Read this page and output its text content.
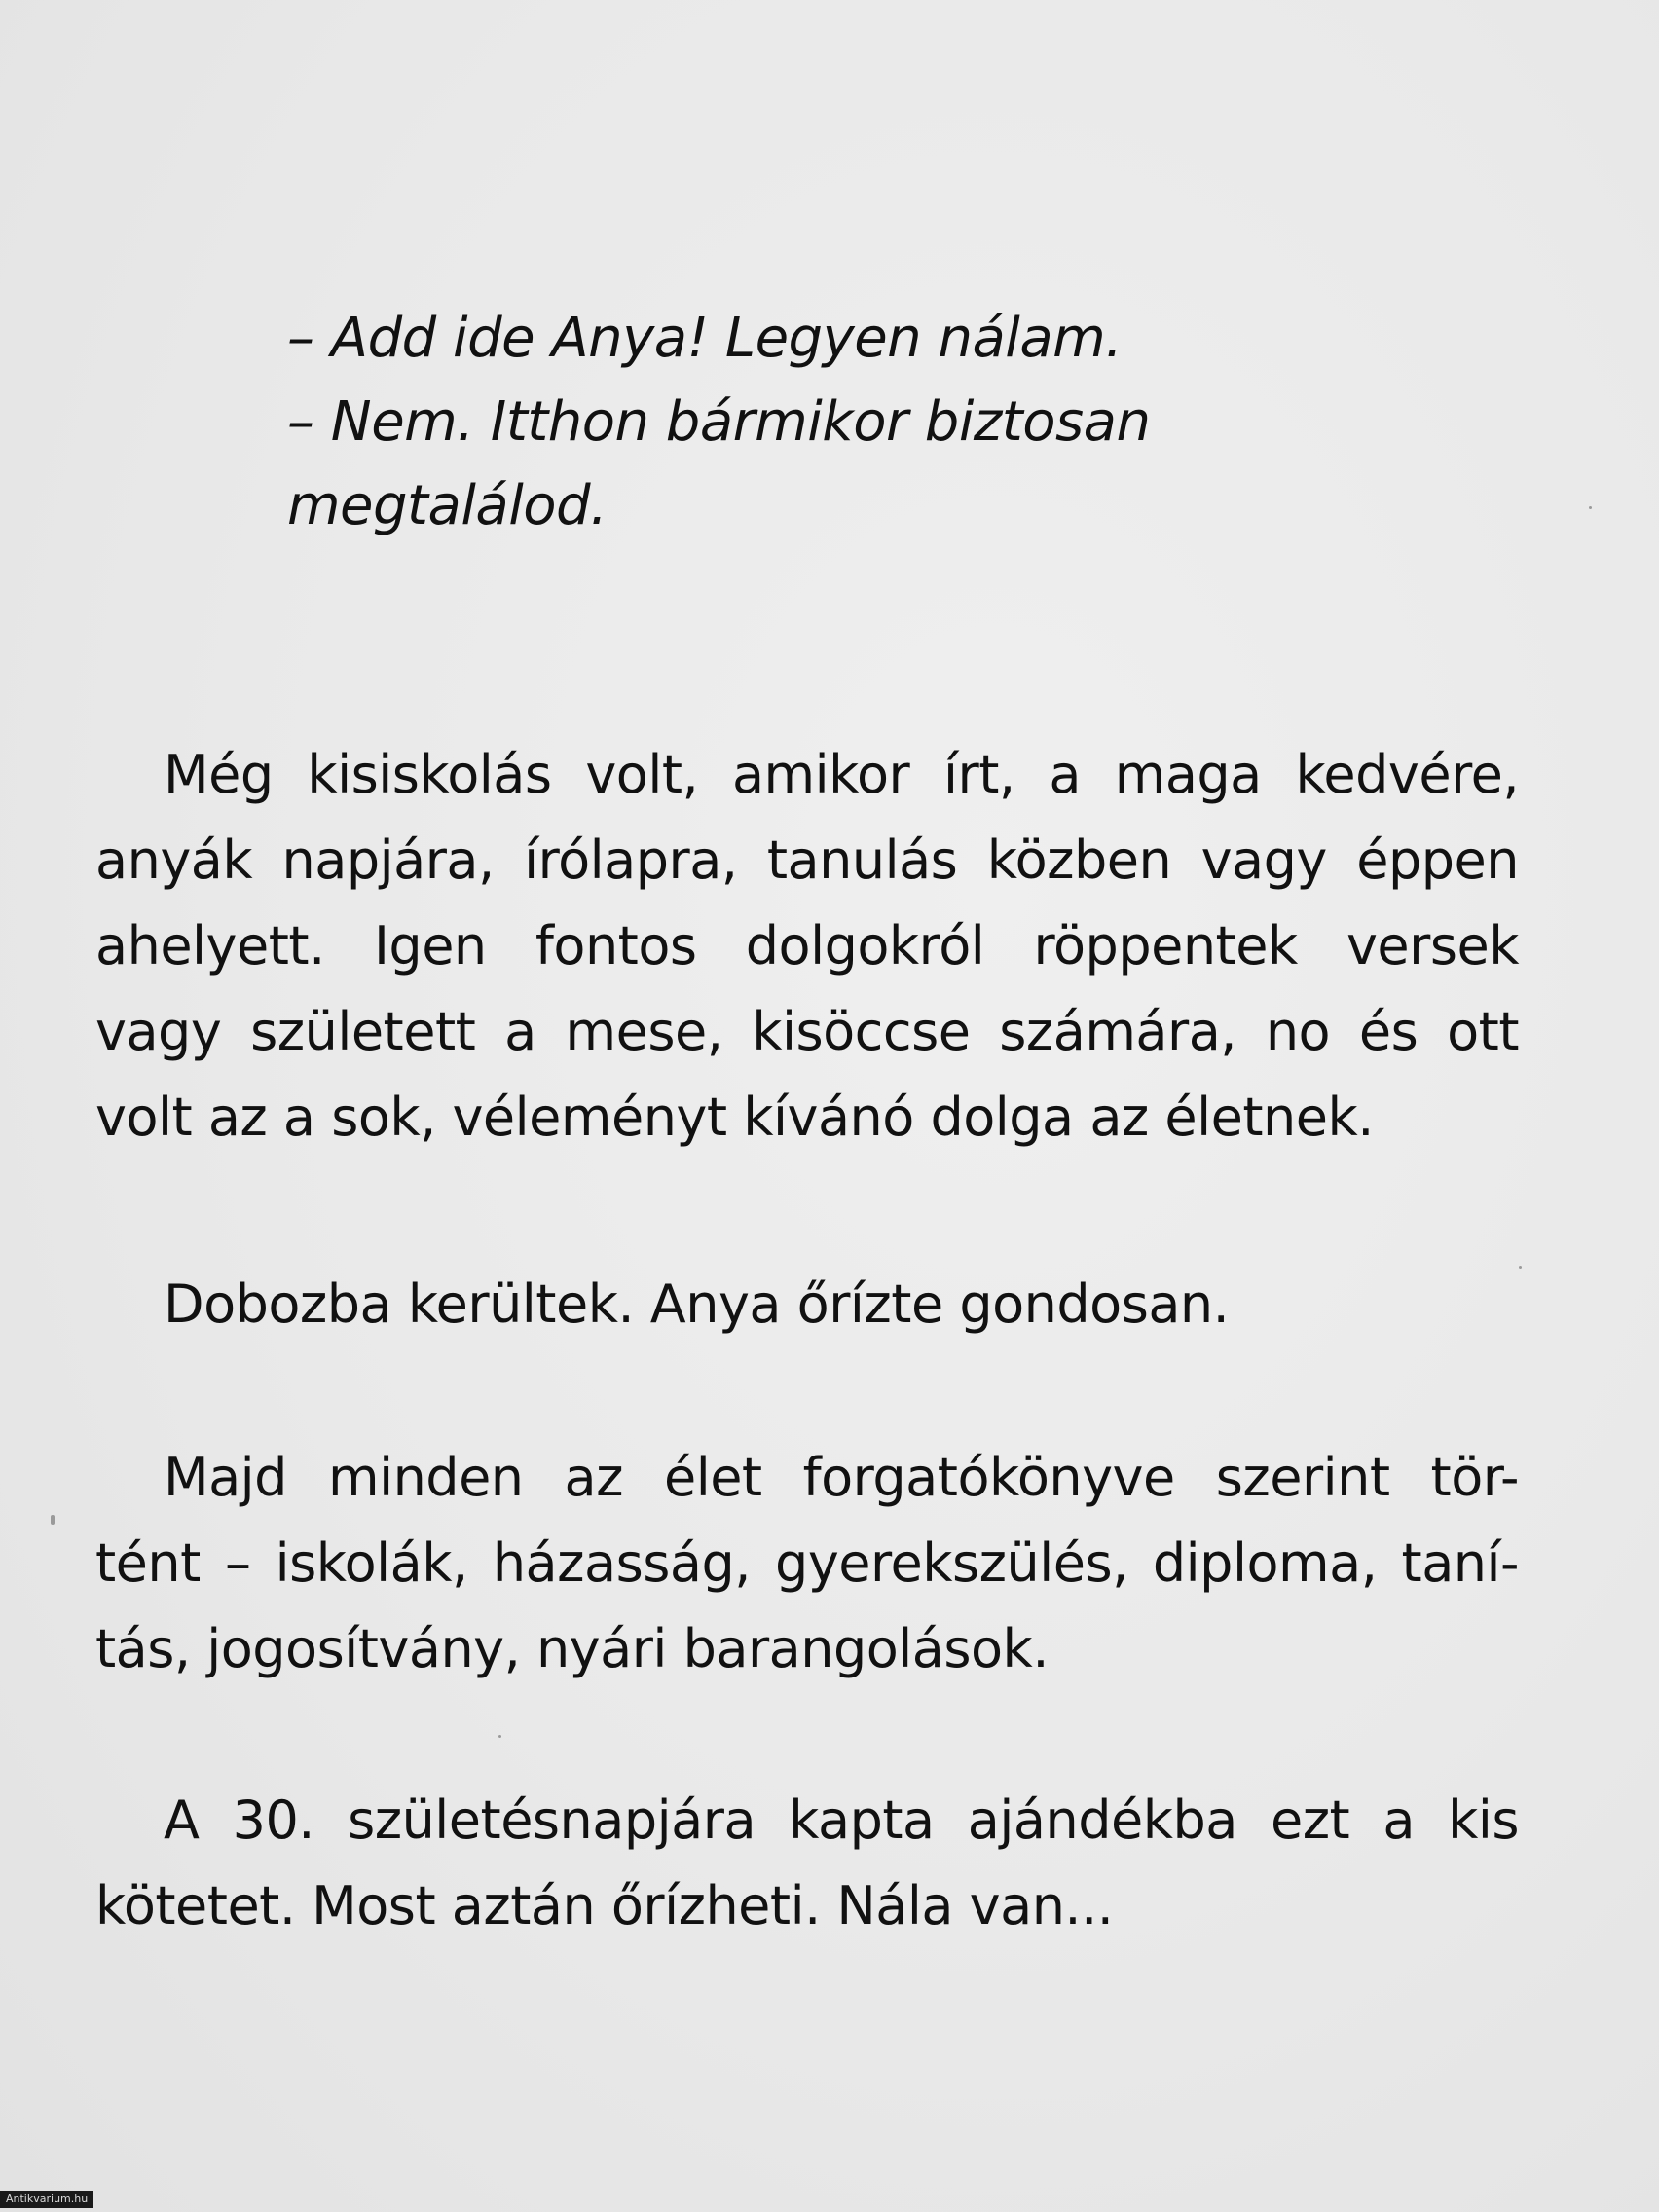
– Add ide Anya! Legyen nálam.
– Nem. Itthon bármikor biztosan
megtalálod.
Még kisiskolás volt, amikor írt, a maga kedvére,
anyák napjára, írólapra, tanulás közben vagy éppen
ahelyett. Igen fontos dolgokról röppentek versek
vagy született a mese, kisöccse számára, no és ott
volt az a sok, véleményt kívánó dolga az életnek.
Dobozba kerültek. Anya őrízte gondosan.
Majd minden az élet forgatókönyve szerint tör-
tént – iskolák, házasság, gyerekszülés, diploma, taní-
tás, jogosítvány, nyári barangolások.
A 30. születésnapjára kapta ajándékba ezt a kis
kötetet. Most aztán őrízheti. Nála van...
Antikvarium.hu
